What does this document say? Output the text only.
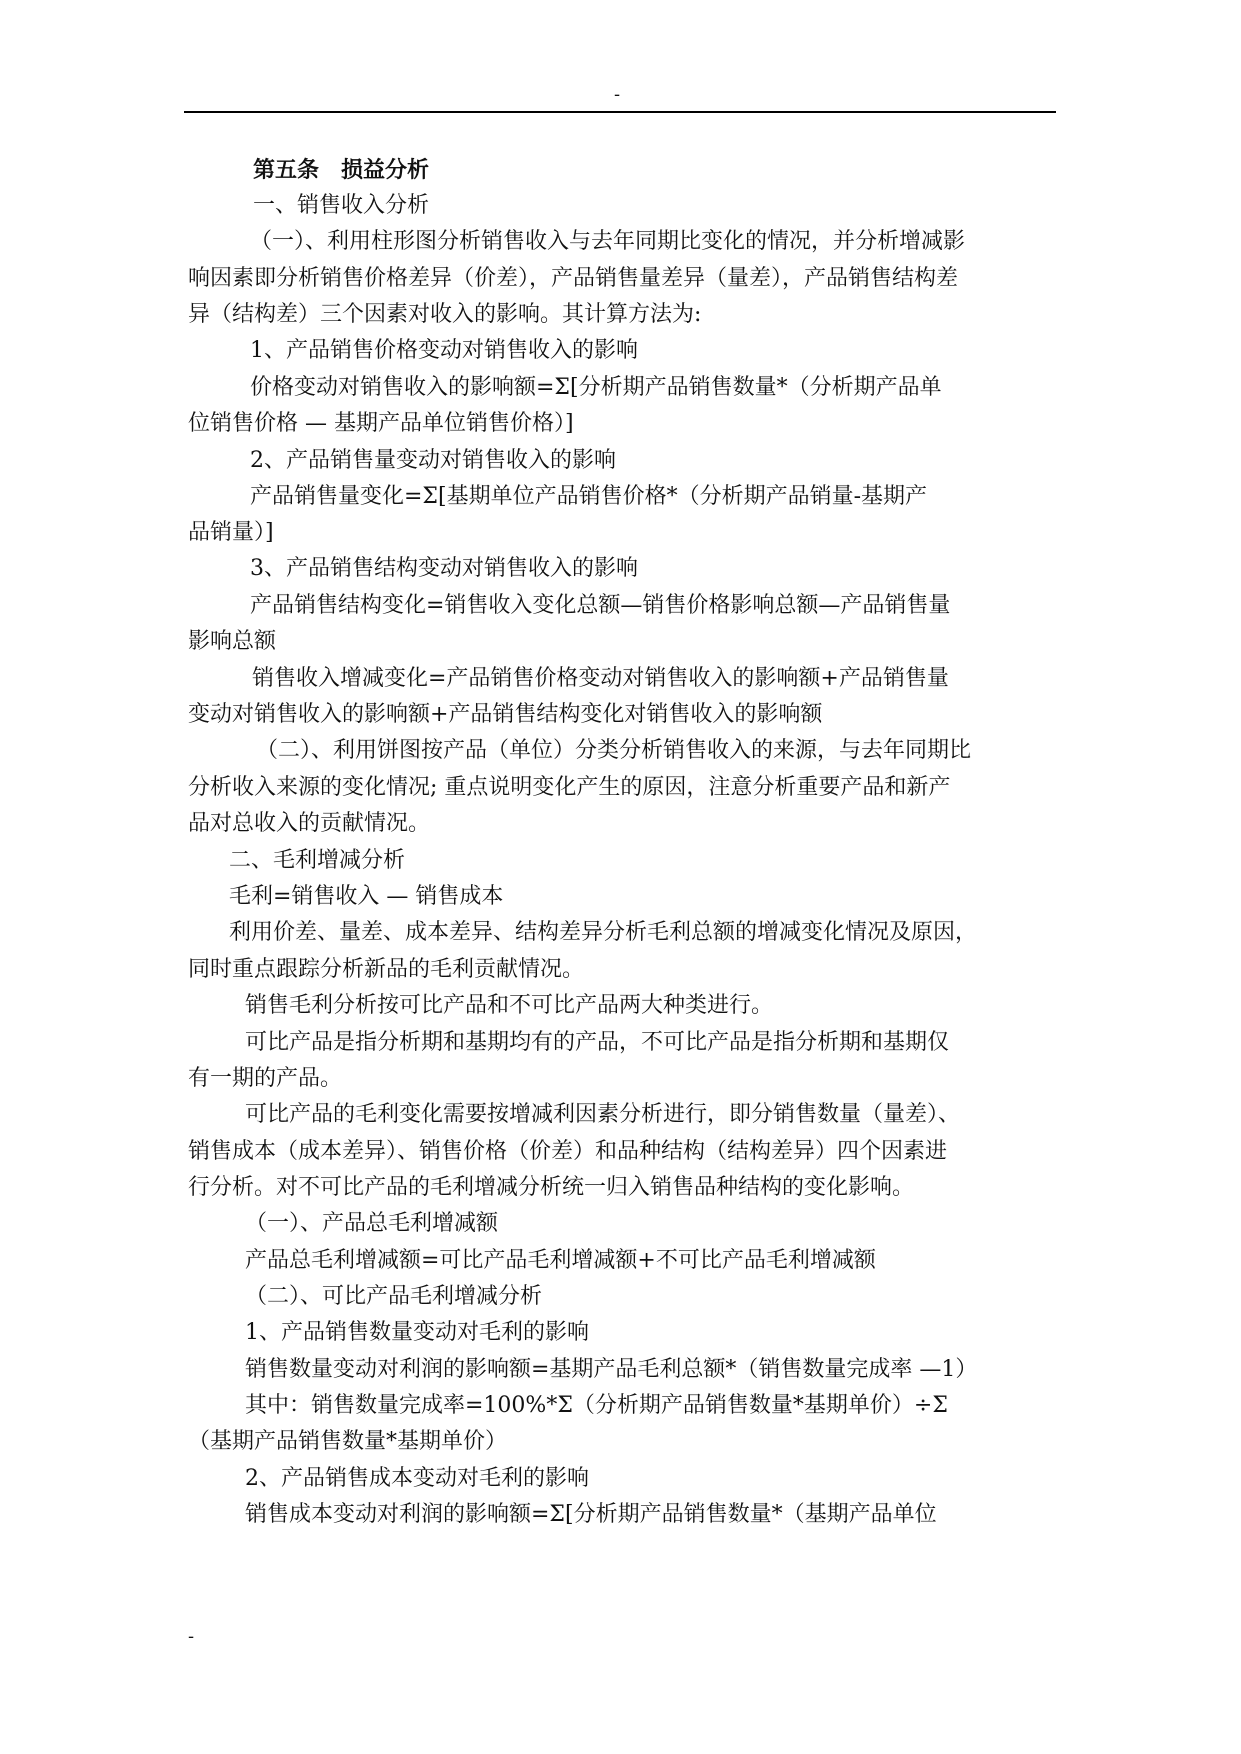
-
第五条　损益分析
一、销售收入分析
（一）、利用柱形图分析销售收入与去年同期比变化的情况，并分析增减影
响因素即分析销售价格差异（价差），产品销售量差异（量差），产品销售结构差
异（结构差）三个因素对收入的影响。其计算方法为:
1、产品销售价格变动对销售收入的影响
价格变动对销售收入的影响额=Σ[分析期产品销售数量*（分析期产品单
位销售价格 — 基期产品单位销售价格）]
2、产品销售量变动对销售收入的影响
产品销售量变化=Σ[基期单位产品销售价格*（分析期产品销量-基期产
品销量）]
3、产品销售结构变动对销售收入的影响
产品销售结构变化=销售收入变化总额—销售价格影响总额—产品销售量
影响总额
销售收入增减变化=产品销售价格变动对销售收入的影响额+产品销售量
变动对销售收入的影响额+产品销售结构变化对销售收入的影响额
（二）、利用饼图按产品（单位）分类分析销售收入的来源，与去年同期比
分析收入来源的变化情况; 重点说明变化产生的原因，注意分析重要产品和新产
品对总收入的贡献情况。
二、毛利增减分析
毛利=销售收入 — 销售成本
利用价差、量差、成本差异、结构差异分析毛利总额的增减变化情况及原因，
同时重点跟踪分析新品的毛利贡献情况。
销售毛利分析按可比产品和不可比产品两大种类进行。
可比产品是指分析期和基期均有的产品，不可比产品是指分析期和基期仅
有一期的产品。
可比产品的毛利变化需要按增减利因素分析进行，即分销售数量（量差）、
销售成本（成本差异）、销售价格（价差）和品种结构（结构差异）四个因素进
行分析。对不可比产品的毛利增减分析统一归入销售品种结构的变化影响。
（一）、产品总毛利增减额
产品总毛利增减额=可比产品毛利增减额+不可比产品毛利增减额
（二）、可比产品毛利增减分析
1、产品销售数量变动对毛利的影响
销售数量变动对利润的影响额=基期产品毛利总额*（销售数量完成率 —1）
其中：销售数量完成率=100%*Σ（分析期产品销售数量*基期单价）÷Σ
（基期产品销售数量*基期单价）
2、产品销售成本变动对毛利的影响
销售成本变动对利润的影响额=Σ[分析期产品销售数量*（基期产品单位
-
